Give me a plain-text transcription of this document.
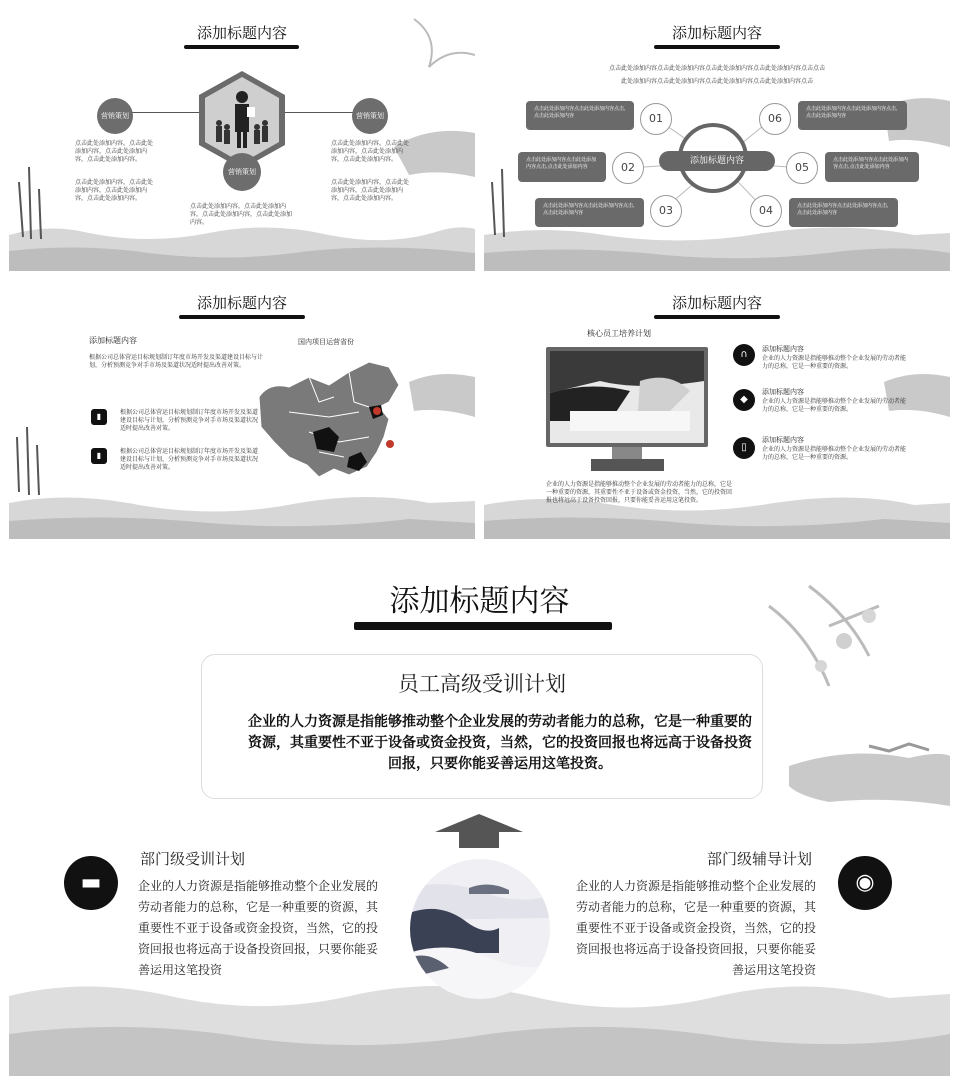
添加标题内容
营销策划	营销策划
营销策划
点击此处添加内容，点击此处添加内容，点击此处添加内容，点击此处添加内容。
点击此处添加内容，点击此处添加内容，点击此处添加内容，点击此处添加内容。
点击此处添加内容，点击此处添加内容，点击此处添加内容，点击此处添加内容。
点击此处添加内容，点击此处添加内容，点击此处添加内容，点击此处添加内容。
点击此处添加内容，点击此处添加内容，点击此处添加内容，点击此处添加内容。
添加标题内容
点击此处添加内容点击此处添加内容点击此处添加内容点击此处添加内容点击点击
此处添加内容点击此处添加内容点击此处添加内容点击此处添加内容点击
添加标题内容
01
02
03	04
05
06
点击此处添加内容点击此处添加内容点击,点击此处添加内容
点击此处添加内容点击此处添加内容点击,点击此处添加内容
点击此处添加内容点击此处添加内容点击,点击此处添加内容
点击此处添加内容点击此处添加内容点击,点击此处添加内容
点击此处添加内容点击此处添加内容点击,点击此处添加内容
点击此处添加内容点击此处添加内容点击,点击此处添加内容
添加标题内容
添加标题内容
根据公司总体营运目标规划制订年度市场开发及渠道建设目标与计划，分析预测竞争对手市场及渠道状况适时提出改善对策。
国内项目运营省份
▮	根据公司总体营运目标规划制订年度市场开发及渠道建设目标与计划，分析预测竞争对手市场及渠道状况适时提出改善对策。
▮	根据公司总体营运目标规划制订年度市场开发及渠道建设目标与计划，分析预测竞争对手市场及渠道状况适时提出改善对策。
添加标题内容
核心员工培养计划
企业的人力资源是指能够推动整个企业发展的劳动者能力的总称，它是一种重要的资源，其重要性不亚于设备或资金投资，当然，它的投资回报也将远高于设备投资回报，只要你能妥善运用这笔投资。
∩	添加标题内容
企业的人力资源是指能够推动整个企业发展的劳动者能力的总称，它是一种重要的资源。
◆
添加标题内容
企业的人力资源是指能够推动整个企业发展的劳动者能力的总称，它是一种重要的资源。
▯
添加标题内容
企业的人力资源是指能够推动整个企业发展的劳动者能力的总称，它是一种重要的资源。
添加标题内容
员工高级受训计划
企业的人力资源是指能够推动整个企业发展的劳动者能力的总称，它是一种重要的资源，其重要性不亚于设备或资金投资，当然，它的投资回报也将远高于设备投资回报，只要你能妥善运用这笔投资。
▬
部门级受训计划
企业的人力资源是指能够推动整个企业发展的劳动者能力的总称，它是一种重要的资源，其重要性不亚于设备或资金投资，当然，它的投资回报也将远高于设备投资回报，只要你能妥善运用这笔投资
◉
部门级辅导计划
企业的人力资源是指能够推动整个企业发展的劳动者能力的总称，它是一种重要的资源，其重要性不亚于设备或资金投资，当然，它的投资回报也将远高于设备投资回报，只要你能妥善运用这笔投资
